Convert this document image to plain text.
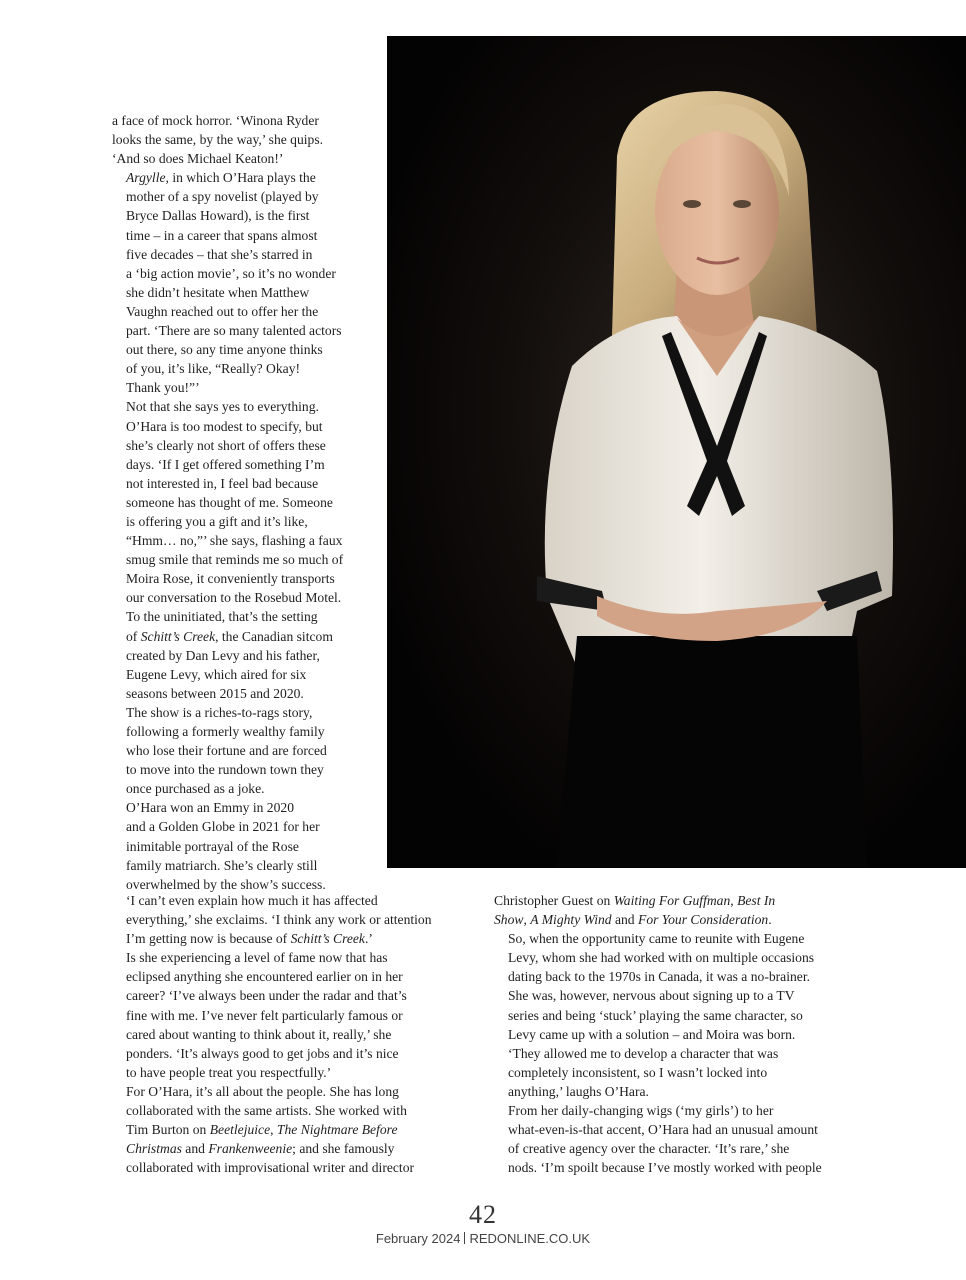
a face of mock horror. ‘Winona Ryder
looks the same, by the way,’ she quips.
‘And so does Michael Keaton!’

Argylle, in which O’Hara plays the
mother of a spy novelist (played by
Bryce Dallas Howard), is the first
time – in a career that spans almost
five decades – that she’s starred in
a ‘big action movie’, so it’s no wonder
she didn’t hesitate when Matthew
Vaughn reached out to offer her the
part. ‘There are so many talented actors
out there, so any time anyone thinks
of you, it’s like, “Really? Okay!
Thank you!”’

Not that she says yes to everything.
O’Hara is too modest to specify, but
she’s clearly not short of offers these
days. ‘If I get offered something I’m
not interested in, I feel bad because
someone has thought of me. Someone
is offering you a gift and it’s like,
“Hmm… no,”’ she says, flashing a faux
smug smile that reminds me so much of
Moira Rose, it conveniently transports
our conversation to the Rosebud Motel.

To the uninitiated, that’s the setting
of Schitt’s Creek, the Canadian sitcom
created by Dan Levy and his father,
Eugene Levy, which aired for six
seasons between 2015 and 2020.
The show is a riches-to-rags story,
following a formerly wealthy family
who lose their fortune and are forced
to move into the rundown town they
once purchased as a joke.

O’Hara won an Emmy in 2020
and a Golden Globe in 2021 for her
inimitable portrayal of the Rose
family matriarch. She’s clearly still
overwhelmed by the show’s success.

‘I can’t even explain how much it has affected
everything,’ she exclaims. ‘I think any work or attention
I’m getting now is because of Schitt’s Creek.’

Is she experiencing a level of fame now that has
eclipsed anything she encountered earlier on in her
career? ‘I’ve always been under the radar and that’s
fine with me. I’ve never felt particularly famous or
cared about wanting to think about it, really,’ she
ponders. ‘It’s always good to get jobs and it’s nice
to have people treat you respectfully.’

For O’Hara, it’s all about the people. She has long
collaborated with the same artists. She worked with
Tim Burton on Beetlejuice, The Nightmare Before
Christmas and Frankenweenie; and she famously
collaborated with improvisational writer and director

Christopher Guest on Waiting For Guffman, Best In
Show, A Mighty Wind and For Your Consideration.

So, when the opportunity came to reunite with Eugene
Levy, whom she had worked with on multiple occasions
dating back to the 1970s in Canada, it was a no-brainer.
She was, however, nervous about signing up to a TV
series and being ‘stuck’ playing the same character, so
Levy came up with a solution – and Moira was born.
‘They allowed me to develop a character that was
completely inconsistent, so I wasn’t locked into
anything,’ laughs O’Hara.

From her daily-changing wigs (‘my girls’) to her
what-even-is-that accent, O’Hara had an unusual amount
of creative agency over the character. ‘It’s rare,’ she
nods. ‘I’m spoilt because I’ve mostly worked with people

42
February 2024 REDONLINE.CO.UK
